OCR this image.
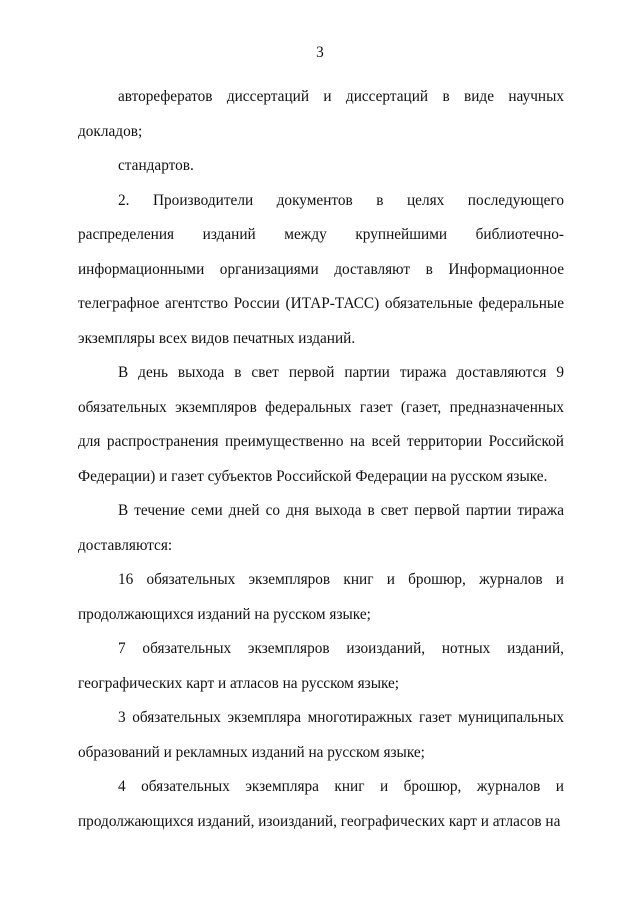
3

авторефератов диссертаций и диссертаций в виде научных докладов;

стандартов.

2. Производители документов в целях последующего распределения изданий между крупнейшими библиотечно-информационными организациями доставляют в Информационное телеграфное агентство России (ИТАР-ТАСС) обязательные федеральные экземпляры всех видов печатных изданий.

В день выхода в свет первой партии тиража доставляются 9 обязательных экземпляров федеральных газет (газет, предназначенных для распространения преимущественно на всей территории Российской Федерации) и газет субъектов Российской Федерации на русском языке.

В течение семи дней со дня выхода в свет первой партии тиража доставляются:

16 обязательных экземпляров книг и брошюр, журналов и продолжающихся изданий на русском языке;

7 обязательных экземпляров изоизданий, нотных изданий, географических карт и атласов на русском языке;

3 обязательных экземпляра многотиражных газет муниципальных образований и рекламных изданий на русском языке;

4 обязательных экземпляра книг и брошюр, журналов и продолжающихся изданий, изоизданий, географических карт и атласов на
